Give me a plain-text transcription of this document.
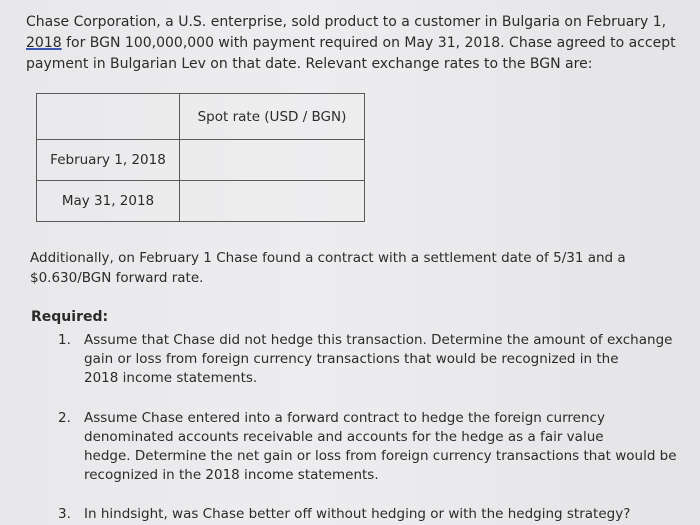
Chase Corporation, a U.S. enterprise, sold product to a customer in Bulgaria on February 1,
2018 for BGN 100,000,000 with payment required on May 31, 2018. Chase agreed to accept
payment in Bulgarian Lev on that date. Relevant exchange rates to the BGN are:

	Spot rate (USD / BGN)
February 1, 2018	
May 31, 2018	
Additionally, on February 1 Chase found a contract with a settlement date of 5/31 and a
$0.630/BGN forward rate.
Required:
1. Assume that Chase did not hedge this transaction. Determine the amount of exchange
gain or loss from foreign currency transactions that would be recognized in the
2018 income statements.
2. Assume Chase entered into a forward contract to hedge the foreign currency
denominated accounts receivable and accounts for the hedge as a fair value
hedge. Determine the net gain or loss from foreign currency transactions that would be
recognized in the 2018 income statements.
3. In hindsight, was Chase better off without hedging or with the hedging strategy?
